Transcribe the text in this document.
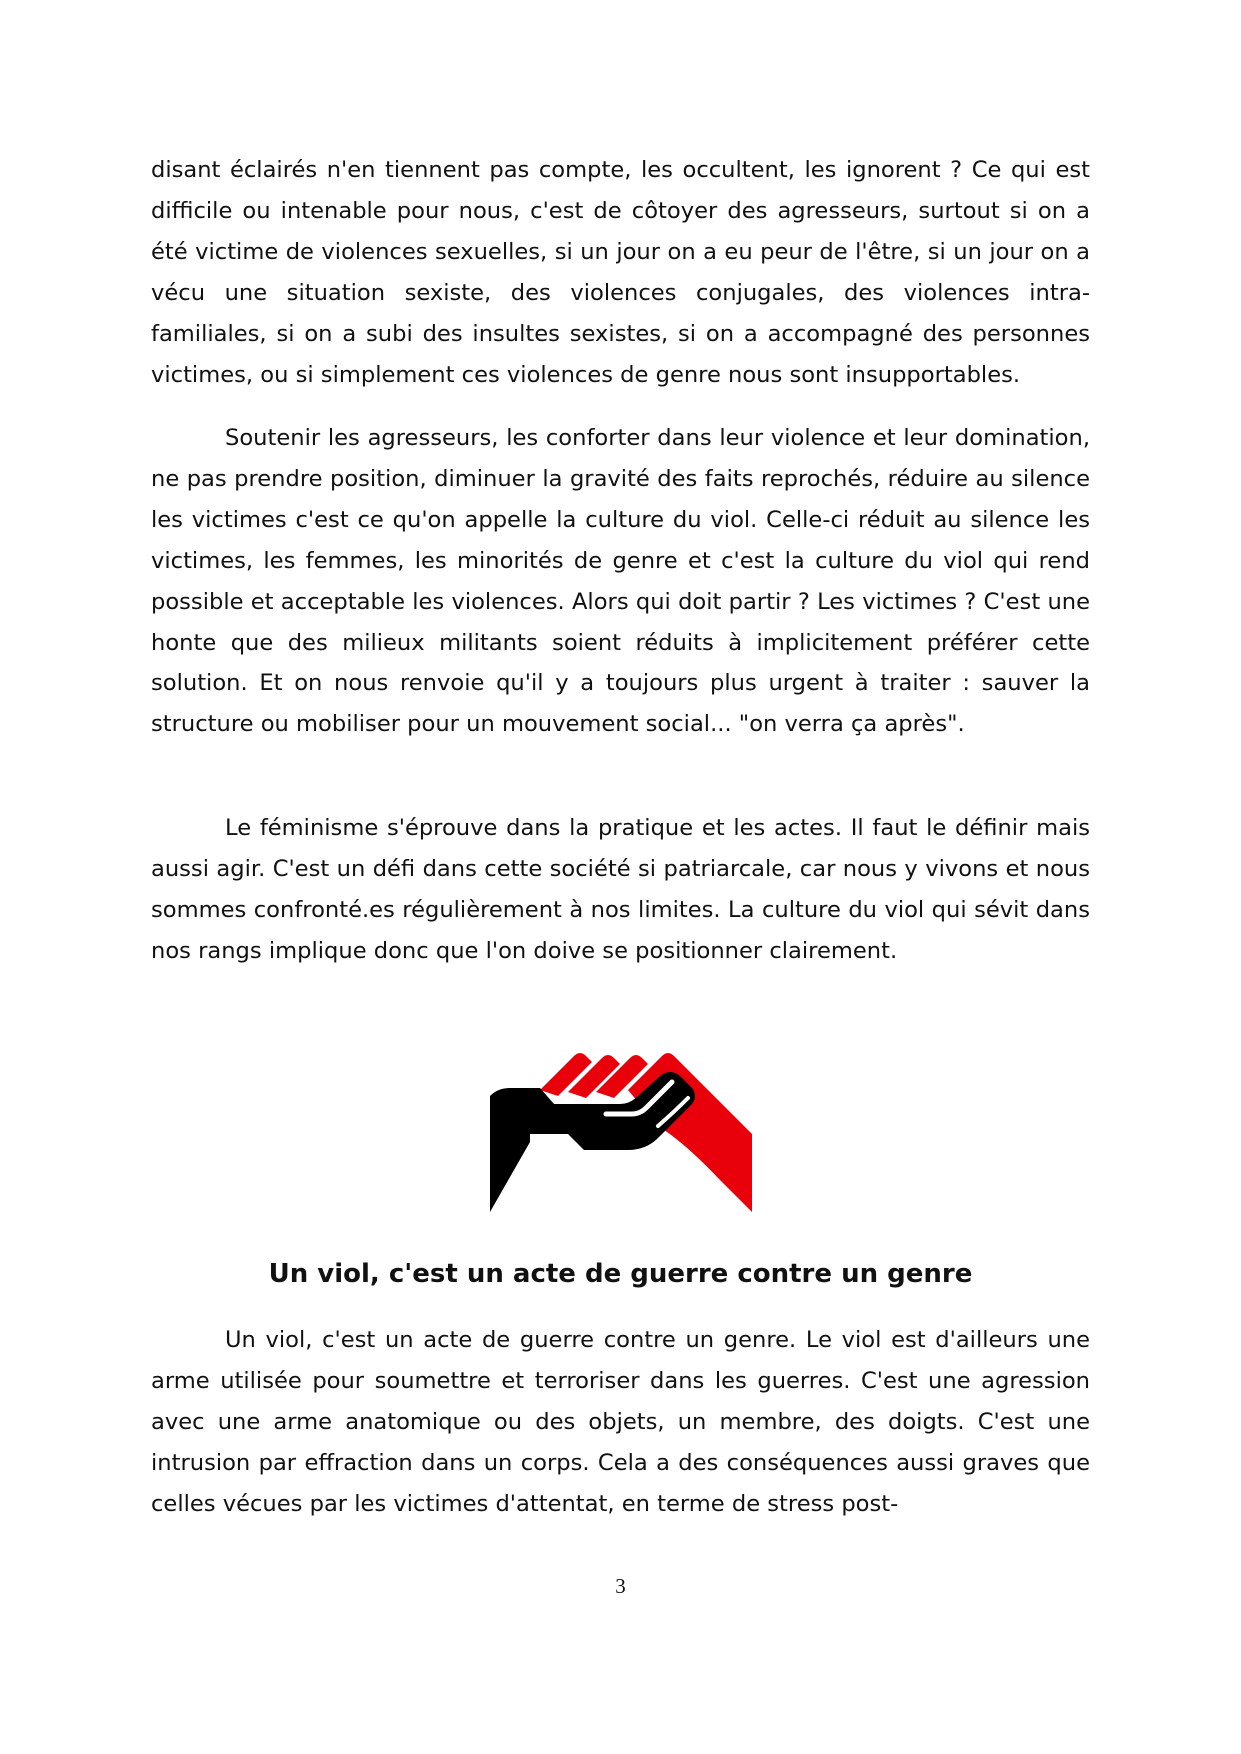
disant éclairés n'en tiennent pas compte, les occultent, les ignorent ? Ce qui est difficile ou intenable pour nous, c'est de côtoyer des agresseurs, surtout si on a été victime de violences sexuelles, si un jour on a eu peur de l'être, si un jour on a vécu une situation sexiste, des violences conjugales, des violences intra-familiales, si on a subi des insultes sexistes, si on a accompagné des personnes victimes, ou si simplement ces violences de genre nous sont insupportables.

Soutenir les agresseurs, les conforter dans leur violence et leur domination, ne pas prendre position, diminuer la gravité des faits reprochés, réduire au silence les victimes c'est ce qu'on appelle la culture du viol. Celle-ci réduit au silence les victimes, les femmes, les minorités de genre et c'est la culture du viol qui rend possible et acceptable les violences. Alors qui doit partir ? Les victimes ? C'est une honte que des milieux militants soient réduits à implicitement préférer cette solution. Et on nous renvoie qu'il y a toujours plus urgent à traiter : sauver la structure ou mobiliser pour un mouvement social... "on verra ça après".

Le féminisme s'éprouve dans la pratique et les actes. Il faut le définir mais aussi agir. C'est un défi dans cette société si patriarcale, car nous y vivons et nous sommes confronté.es régulièrement à nos limites. La culture du viol qui sévit dans nos rangs implique donc que l'on doive se positionner clairement.

Un viol, c'est un acte de guerre contre un genre

Un viol, c'est un acte de guerre contre un genre. Le viol est d'ailleurs une arme utilisée pour soumettre et terroriser dans les guerres. C'est une agression avec une arme anatomique ou des objets, un membre, des doigts. C'est une intrusion par effraction dans un corps. Cela a des conséquences aussi graves que celles vécues par les victimes d'attentat, en terme de stress post-

3
